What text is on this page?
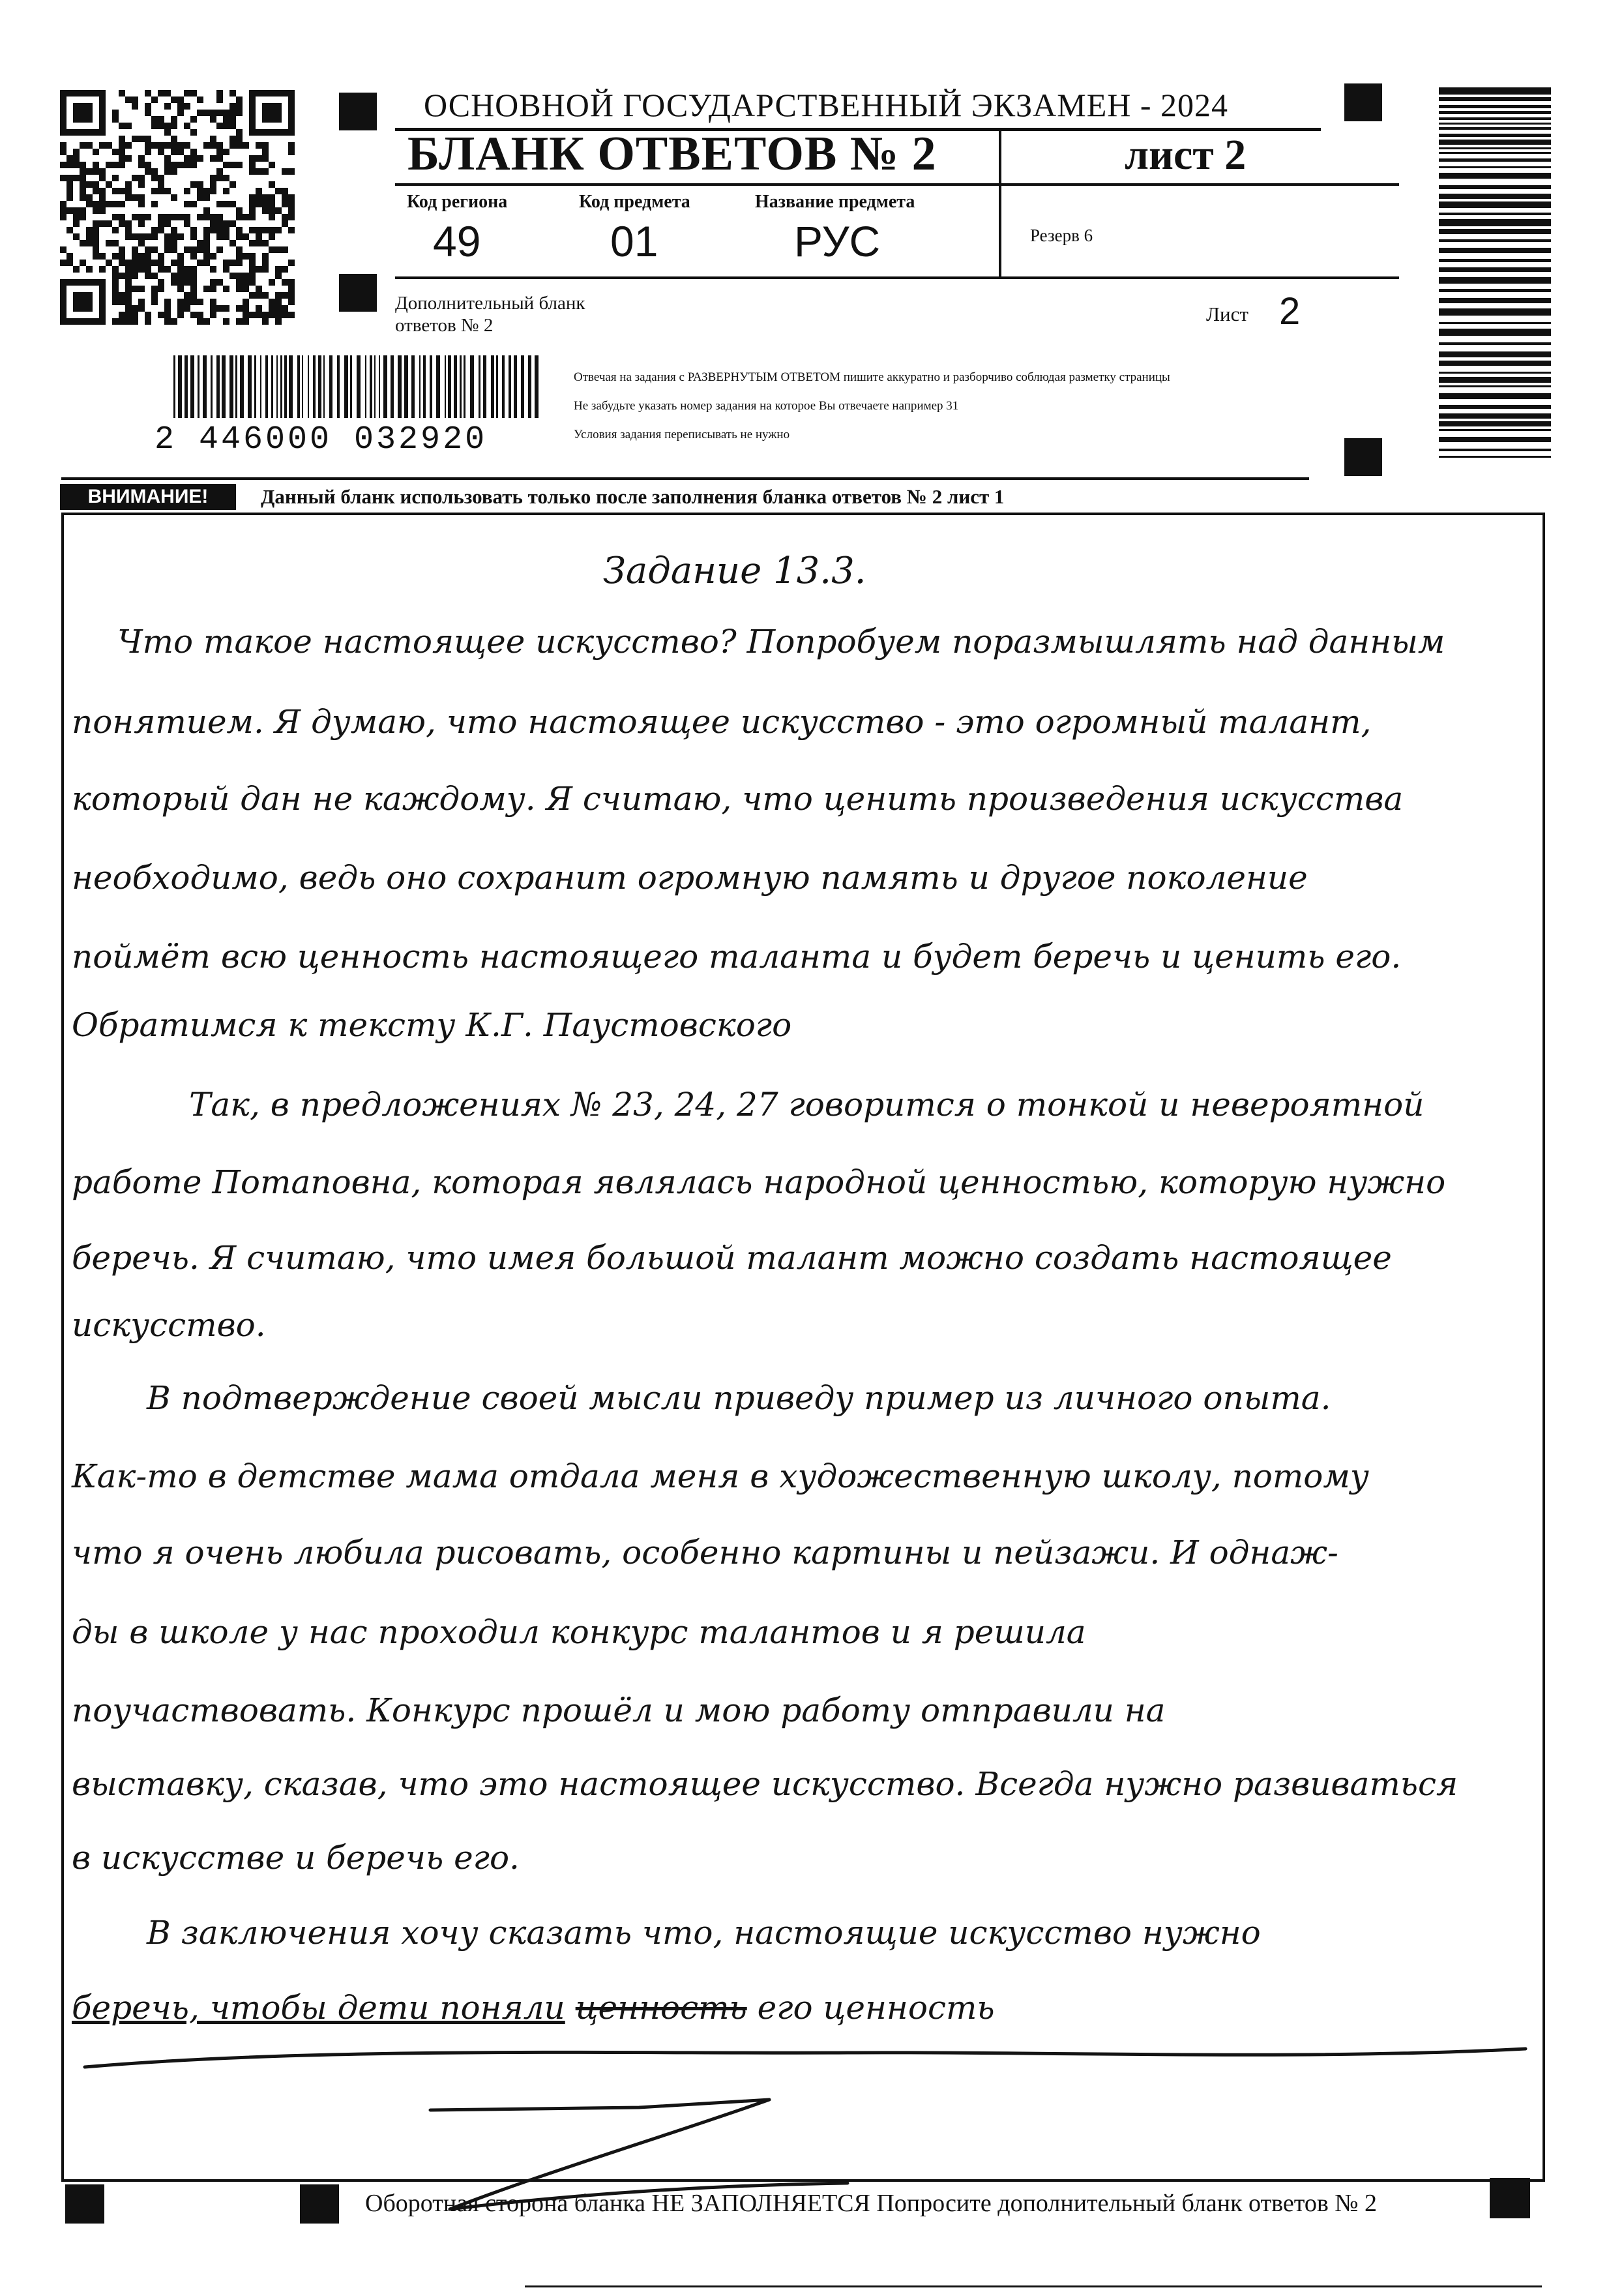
ОСНОВНОЙ ГОСУДАРСТВЕННЫЙ ЭКЗАМЕН - 2024
БЛАНК ОТВЕТОВ № 2	лист 2
Код региона	Код предмета	Название предмета
49	01	РУС	Резерв 6
Дополнительный бланк ответов № 2	Лист 2
Отвечая на задания с РАЗВЕРНУТЫМ ОТВЕТОМ пишите аккуратно и разборчиво соблюдая разметку страницы
Не забудьте указать номер задания на которое Вы отвечаете например 31
Условия задания переписывать не нужно
2 446000 032920
ВНИМАНИЕ!	Данный бланк использовать только после заполнения бланка ответов № 2 лист 1
Задание 13.3.
Что такое настоящее искусство? Попробуем поразмышлять над данным
понятием. Я думаю, что настоящее искусство - это огромный талант,
который дан не каждому. Я считаю, что ценить произведения искусства
необходимо, ведь оно сохранит огромную память и другое поколение
поймёт всю ценность настоящего таланта и будет беречь и ценить его.
Обратимся к тексту К.Г. Паустовского
Так, в предложениях № 23, 24, 27 говорится о тонкой и невероятной
работе Потаповна, которая являлась народной ценностью, которую нужно
беречь. Я считаю, что имея большой талант можно создать настоящее
искусство.
В подтверждение своей мысли приведу пример из личного опыта.
Как-то в детстве мама отдала меня в художественную школу, потому
что я очень любила рисовать, особенно картины и пейзажи. И однаж-
ды в школе у нас проходил конкурс талантов и я решила
поучаствовать. Конкурс прошёл и мою работу отправили на
выставку, сказав, что это настоящее искусство. Всегда нужно развиваться
в искусстве и беречь его.
В заключения хочу сказать что, настоящие искусство нужно
беречь, чтобы дети поняли ценность его ценность
Оборотная сторона бланка НЕ ЗАПОЛНЯЕТСЯ Попросите дополнительный бланк ответов № 2
